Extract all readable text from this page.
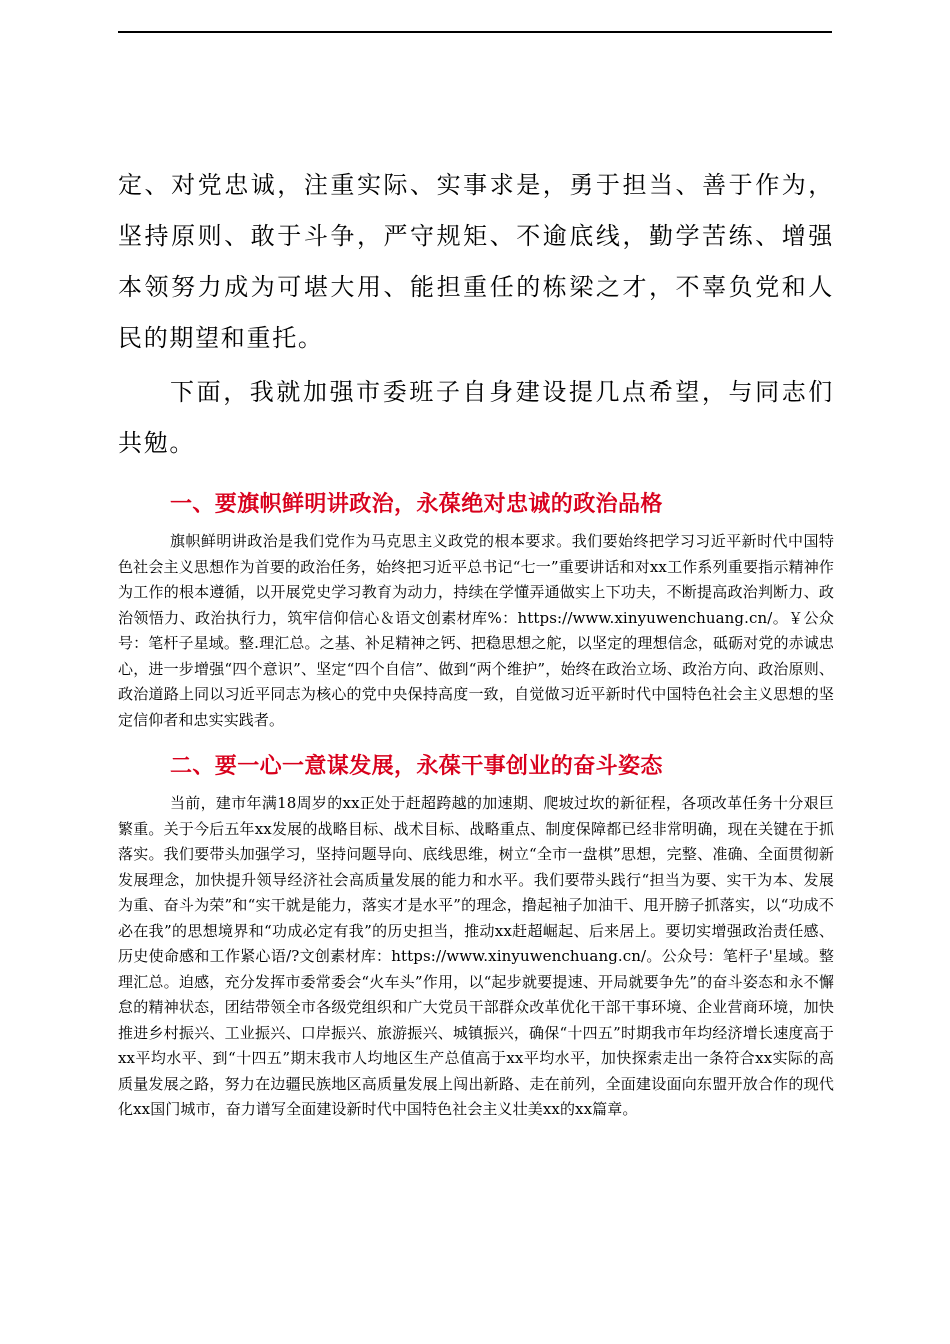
定、对党忠诚，注重实际、实事求是，勇于担当、善于作为，坚持原则、敢于斗争，严守规矩、不逾底线，勤学苦练、增强本领努力成为可堪大用、能担重任的栋梁之才，不辜负党和人民的期望和重托。

下面，我就加强市委班子自身建设提几点希望，与同志们共勉。

一、要旗帜鲜明讲政治，永葆绝对忠诚的政治品格

旗帜鲜明讲政治是我们党作为马克思主义政党的根本要求。我们要始终把学习习近平新时代中国特色社会主义思想作为首要的政治任务，始终把习近平总书记“七一”重要讲话和对xx工作系列重要指示精神作为工作的根本遵循，以开展党史学习教育为动力，持续在学懂弄通做实上下功夫，不断提高政治判断力、政治领悟力、政治执行力，筑牢信仰信心＆语文创素材库%：https://www.xinyuwenchuang.cn/。￥公众号：笔杆子星域。整.理汇总。之基、补足精神之钙、把稳思想之舵，以坚定的理想信念，砥砺对党的赤诚忠心，进一步增强“四个意识”、坚定“四个自信”、做到“两个维护”，始终在政治立场、政治方向、政治原则、政治道路上同以习近平同志为核心的党中央保持高度一致，自觉做习近平新时代中国特色社会主义思想的坚定信仰者和忠实实践者。

二、要一心一意谋发展，永葆干事创业的奋斗姿态

当前，建市年满18周岁的xx正处于赶超跨越的加速期、爬坡过坎的新征程，各项改革任务十分艰巨繁重。关于今后五年xx发展的战略目标、战术目标、战略重点、制度保障都已经非常明确，现在关键在于抓落实。我们要带头加强学习，坚持问题导向、底线思维，树立“全市一盘棋”思想，完整、准确、全面贯彻新发展理念，加快提升领导经济社会高质量发展的能力和水平。我们要带头践行“担当为要、实干为本、发展为重、奋斗为荣”和“实干就是能力，落实才是水平”的理念，撸起袖子加油干、甩开膀子抓落实，以“功成不必在我”的思想境界和“功成必定有我”的历史担当，推动xx赶超崛起、后来居上。要切实增强政治责任感、历史使命感和工作紧心语/?文创素材库：https://www.xinyuwenchuang.cn/。公众号：笔杆子'星域。整理汇总。迫感，充分发挥市委常委会“火车头”作用，以“起步就要提速、开局就要争先”的奋斗姿态和永不懈怠的精神状态，团结带领全市各级党组织和广大党员干部群众改革优化干部干事环境、企业营商环境，加快推进乡村振兴、工业振兴、口岸振兴、旅游振兴、城镇振兴，确保“十四五”时期我市年均经济增长速度高于xx平均水平、到“十四五”期末我市人均地区生产总值高于xx平均水平，加快探索走出一条符合xx实际的高质量发展之路，努力在边疆民族地区高质量发展上闯出新路、走在前列，全面建设面向东盟开放合作的现代化xx国门城市，奋力谱写全面建设新时代中国特色社会主义壮美xx的xx篇章。
